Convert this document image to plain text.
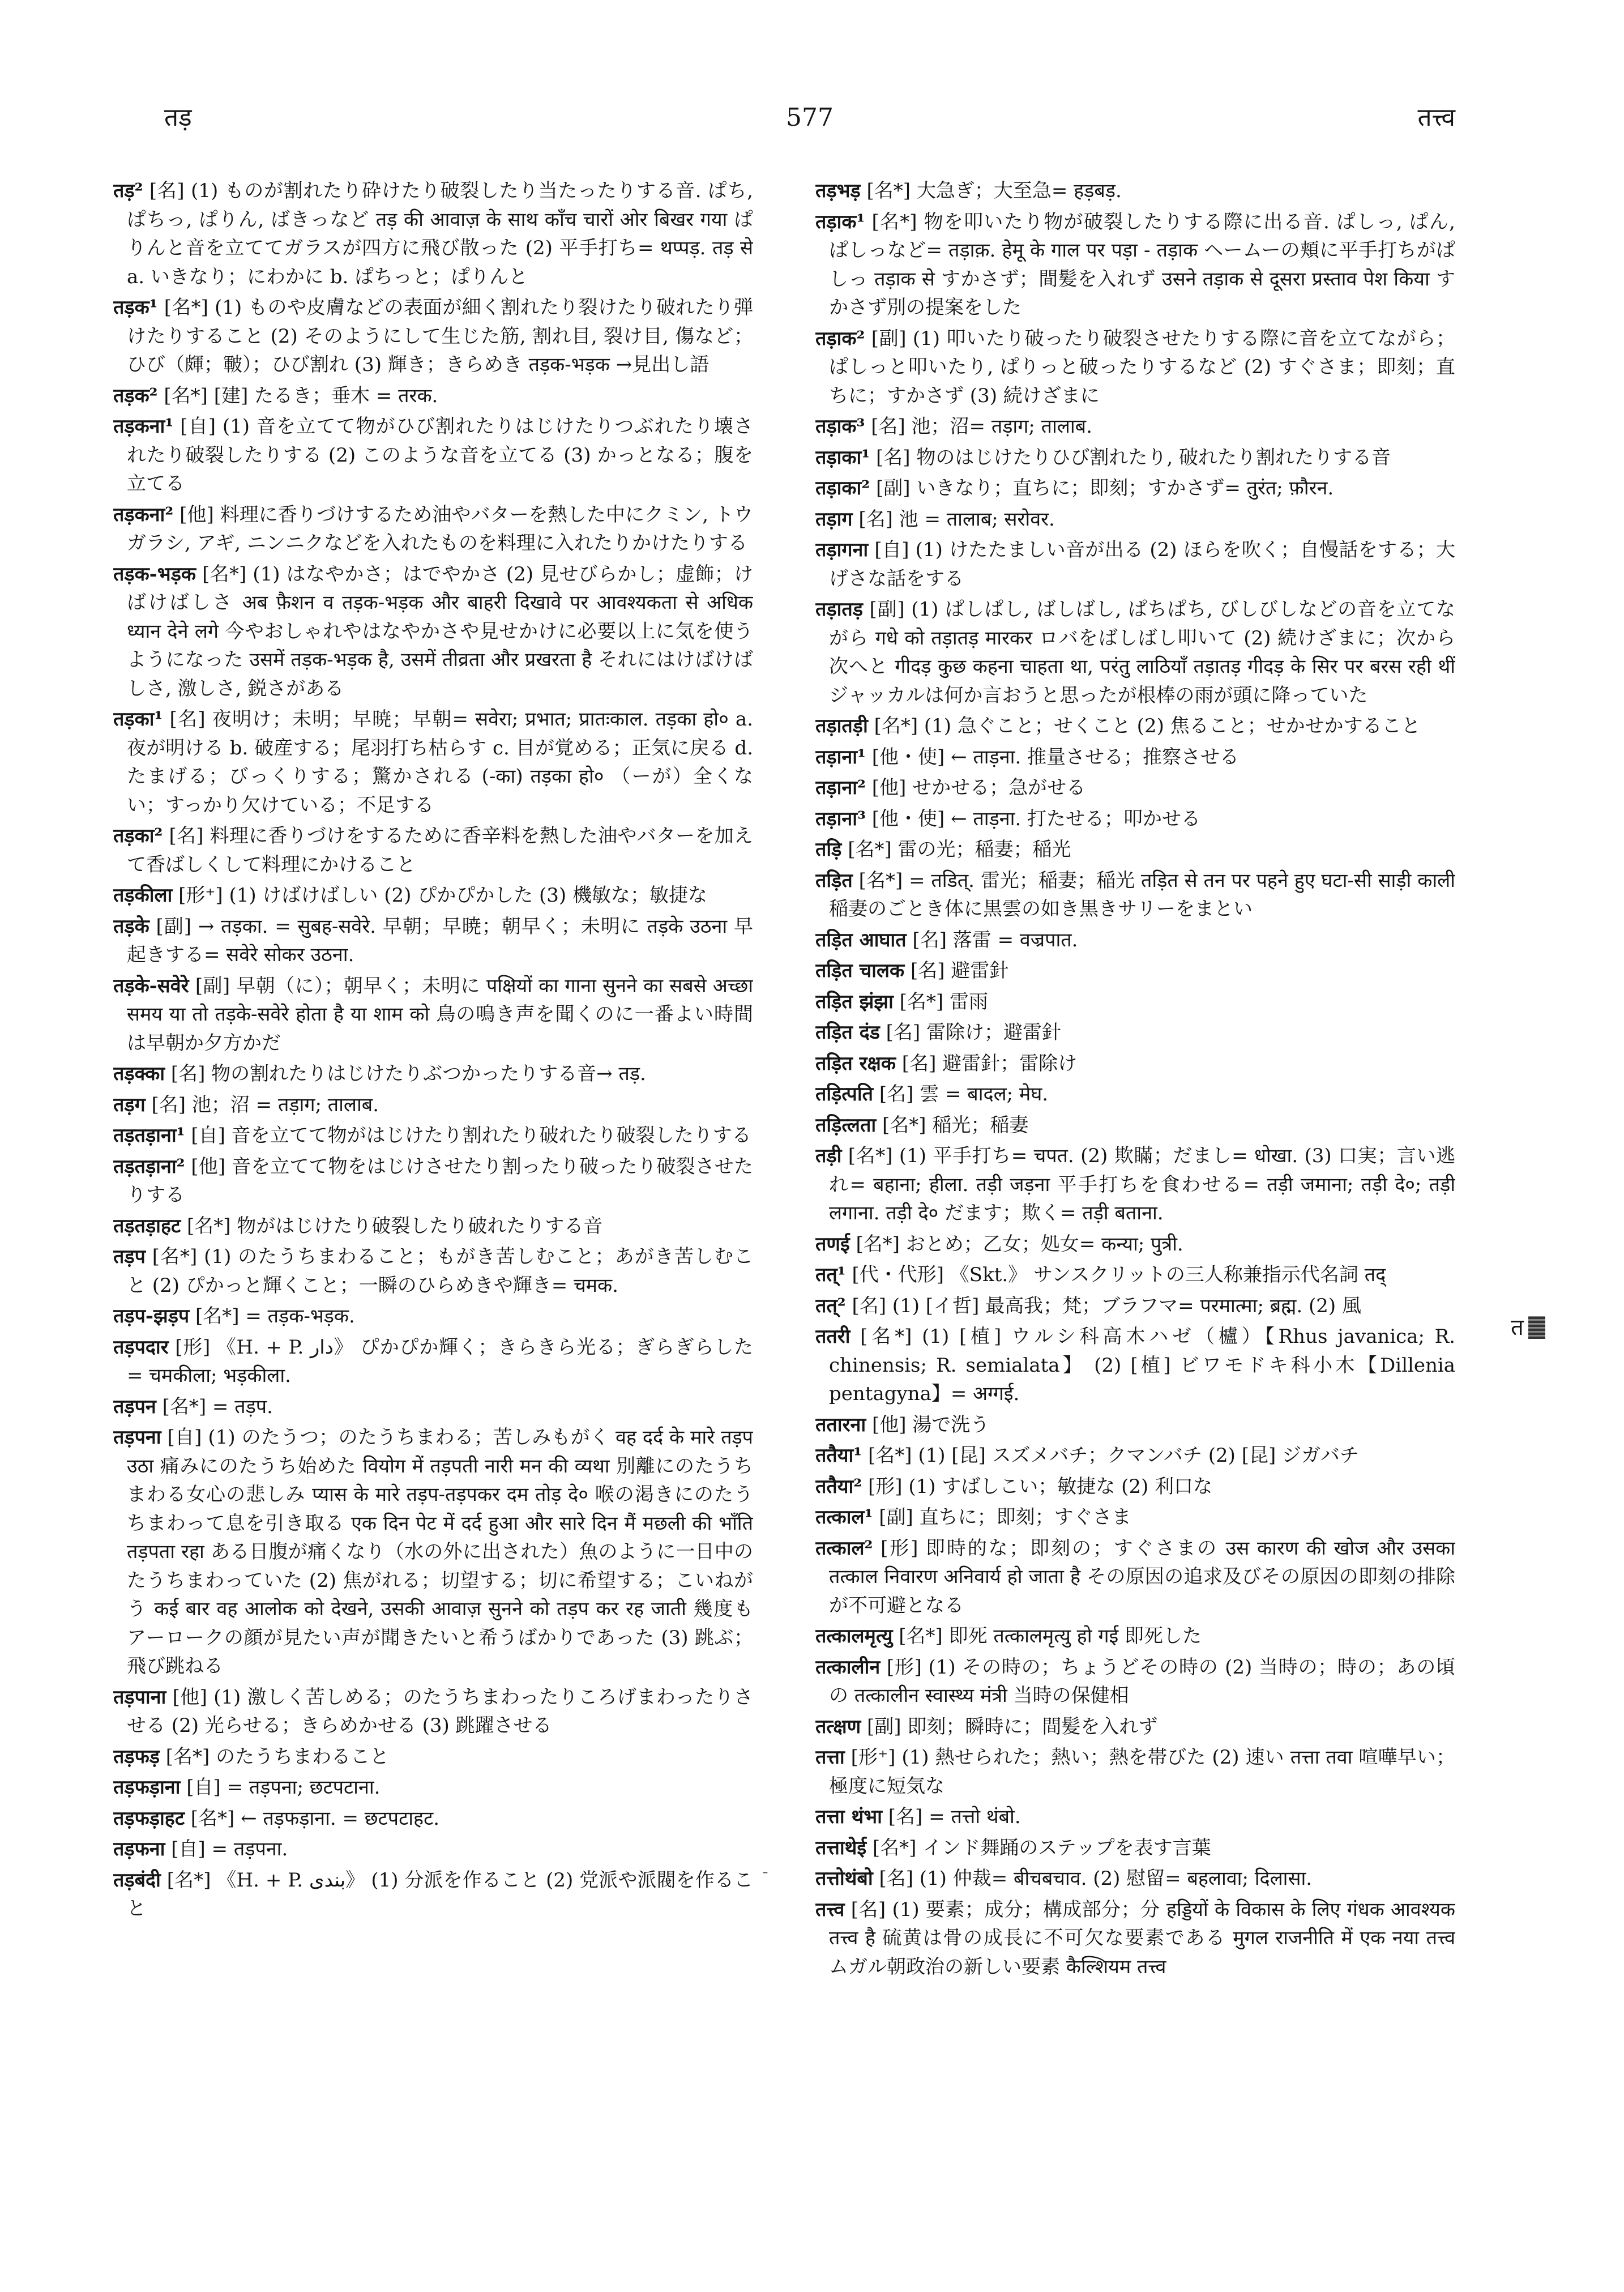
तड़	577	तत्त्व

तड़² [名] (1) ものが割れたり砕けたり破裂したり当たったりする音. ぱち, ぱちっ, ぱりん, ばきっなど तड़ की आवाज़ के साथ काँच चारों ओर बिखर गया ぱりんと音を立ててガラスが四方に飛び散った (2) 平手打ち= थप्पड़. तड़ से a. いきなり；にわかに b. ぱちっと；ぱりんと

तड़क¹ [名*] (1) ものや皮膚などの表面が細く割れたり裂けたり破れたり弾けたりすること (2) そのようにして生じた筋, 割れ目, 裂け目, 傷など；ひび（皹；皸）；ひび割れ (3) 輝き；きらめき तड़क-भड़क →見出し語

तड़क² [名*] [建] たるき；垂木 = तरक.

तड़कना¹ [自] (1) 音を立てて物がひび割れたりはじけたりつぶれたり壊されたり破裂したりする (2) このような音を立てる (3) かっとなる；腹を立てる

तड़कना² [他] 料理に香りづけするため油やバターを熱した中にクミン, トウガラシ, アギ, ニンニクなどを入れたものを料理に入れたりかけたりする

तड़क-भड़क [名*] (1) はなやかさ；はでやかさ (2) 見せびらかし；虚飾；けばけばしさ अब फ़ैशन व तड़क-भड़क और बाहरी दिखावे पर आवश्यकता से अधिक ध्यान देने लगे 今やおしゃれやはなやかさや見せかけに必要以上に気を使うようになった उसमें तड़क-भड़क है, उसमें तीव्रता और प्रखरता है それにはけばけばしさ, 激しさ, 鋭さがある

तड़का¹ [名] 夜明け；未明；早暁；早朝= सवेरा; प्रभात; प्रातःकाल. तड़का हो० a. 夜が明ける b. 破産する；尾羽打ち枯らす c. 目が覚める；正気に戻る d. たまげる；びっくりする；驚かされる (-का) तड़का हो० （ーが）全くない；すっかり欠けている；不足する

तड़का² [名] 料理に香りづけをするために香辛料を熱した油やバターを加えて香ばしくして料理にかけること

तड़कीला [形⁺] (1) けばけばしい (2) ぴかぴかした (3) 機敏な；敏捷な

तड़के [副] → तड़का. = सुबह-सवेरे. 早朝；早暁；朝早く；未明に तड़के उठना 早起きする= सवेरे सोकर उठना.

तड़के-सवेरे [副] 早朝（に）；朝早く；未明に पक्षियों का गाना सुनने का सबसे अच्छा समय या तो तड़के-सवेरे होता है या शाम को 鳥の鳴き声を聞くのに一番よい時間は早朝か夕方かだ

तड़क्का [名] 物の割れたりはじけたりぶつかったりする音→ तड़.

तड़ग [名] 池；沼 = तड़ाग; तालाब.

तड़तड़ाना¹ [自] 音を立てて物がはじけたり割れたり破れたり破裂したりする

तड़तड़ाना² [他] 音を立てて物をはじけさせたり割ったり破ったり破裂させたりする

तड़तड़ाहट [名*] 物がはじけたり破裂したり破れたりする音

तड़प [名*] (1) のたうちまわること；もがき苦しむこと；あがき苦しむこと (2) ぴかっと輝くこと；一瞬のひらめきや輝き= चमक.

तड़प-झड़प [名*] = तड़क-भड़क.

तड़पदार [形] 《H. + P. دار》 ぴかぴか輝く；きらきら光る；ぎらぎらした= चमकीला; भड़कीला.

तड़पन [名*] = तड़प.

तड़पना [自] (1) のたうつ；のたうちまわる；苦しみもがく वह दर्द के मारे तड़प उठा 痛みにのたうち始めた वियोग में तड़पती नारी मन की व्यथा 別離にのたうちまわる女心の悲しみ प्यास के मारे तड़प-तड़पकर दम तोड़ दे० 喉の渇きにのたうちまわって息を引き取る एक दिन पेट में दर्द हुआ और सारे दिन मैं मछली की भाँति तड़पता रहा ある日腹が痛くなり（水の外に出された）魚のように一日中のたうちまわっていた (2) 焦がれる；切望する；切に希望する；こいねがう कई बार वह आलोक को देखने, उसकी आवाज़ सुनने को तड़प कर रह जाती 幾度もアーロークの顔が見たい声が聞きたいと希うばかりであった (3) 跳ぶ；飛び跳ねる

तड़पाना [他] (1) 激しく苦しめる；のたうちまわったりころげまわったりさせる (2) 光らせる；きらめかせる (3) 跳躍させる

तड़फड़ [名*] のたうちまわること

तड़फड़ाना [自] = तड़पना; छटपटाना.

तड़फड़ाहट [名*] ← तड़फड़ाना. = छटपटाहट.

तड़फना [自] = तड़पना.

तड़बंदी [名*] 《H. + P. بندی》 (1) 分派を作ること (2) 党派や派閥を作ること

तड़भड़ [名*] 大急ぎ；大至急= हड़बड़.

तड़ाक¹ [名*] 物を叩いたり物が破裂したりする際に出る音. ぱしっ, ぱん, ぱしっなど= तड़ाक़. हेमू के गाल पर पड़ा - तड़ाक ヘームーの頬に平手打ちがぱしっ तड़ाक से すかさず；間髪を入れず उसने तड़ाक से दूसरा प्रस्ताव पेश किया すかさず別の提案をした

तड़ाक² [副] (1) 叩いたり破ったり破裂させたりする際に音を立てながら；ぱしっと叩いたり, ぱりっと破ったりするなど (2) すぐさま；即刻；直ちに；すかさず (3) 続けざまに

तड़ाक³ [名] 池；沼= तड़ाग; तालाब.

तड़ाका¹ [名] 物のはじけたりひび割れたり, 破れたり割れたりする音

तड़ाका² [副] いきなり；直ちに；即刻；すかさず= तुरंत; फ़ौरन.

तड़ाग [名] 池 = तालाब; सरोवर.

तड़ागना [自] (1) けたたましい音が出る (2) ほらを吹く；自慢話をする；大げさな話をする

तड़ातड़ [副] (1) ぱしぱし, ばしばし, ぱちぱち, びしびしなどの音を立てながら गधे को तड़ातड़ मारकर ロバをばしばし叩いて (2) 続けざまに；次から次へと गीदड़ कुछ कहना चाहता था, परंतु लाठियाँ तड़ातड़ गीदड़ के सिर पर बरस रही थीं ジャッカルは何か言おうと思ったが根棒の雨が頭に降っていた

तड़ातड़ी [名*] (1) 急ぐこと；せくこと (2) 焦ること；せかせかすること

तड़ाना¹ [他・使] ← ताड़ना. 推量させる；推察させる

तड़ाना² [他] せかせる；急がせる

तड़ाना³ [他・使] ← ताड़ना. 打たせる；叩かせる

तड़ि [名*] 雷の光；稲妻；稲光

तड़ित [名*] = तडित्. 雷光；稲妻；稲光 तड़ित से तन पर पहने हुए घटा-सी साड़ी काली 稲妻のごとき体に黒雲の如き黒きサリーをまとい

तड़ित आघात [名] 落雷 = वज्रपात.

तड़ित चालक [名] 避雷針

तड़ित झंझा [名*] 雷雨

तड़ित दंड [名] 雷除け；避雷針

तड़ित रक्षक [名] 避雷針；雷除け

तड़ित्पति [名] 雲 = बादल; मेघ.

तड़ित्लता [名*] 稲光；稲妻

तड़ी [名*] (1) 平手打ち= चपत. (2) 欺瞞；だまし= धोखा. (3) 口実；言い逃れ= बहाना; हीला. तड़ी जड़ना 平手打ちを食わせる= तड़ी जमाना; तड़ी दे०; तड़ी लगाना. तड़ी दे० だます；欺く= तड़ी बताना.

तणई [名*] おとめ；乙女；処女= कन्या; पुत्री.

तत्¹ [代・代形] 《Skt.》 サンスクリットの三人称兼指示代名詞 तद्

तत्² [名] (1) [イ哲] 最高我；梵；ブラフマ= परमात्मा; ब्रह्म. (2) 風

ततरी [名*] (1) [植] ウルシ科高木ハゼ（櫨）【Rhus javanica; R. chinensis; R. semialata】 (2) [植] ビワモドキ科小木【Dillenia pentagyna】= अग्गई.

ततारना [他] 湯で洗う

ततैया¹ [名*] (1) [昆] スズメバチ；クマンバチ (2) [昆] ジガバチ

ततैया² [形] (1) すばしこい；敏捷な (2) 利口な

तत्काल¹ [副] 直ちに；即刻；すぐさま

तत्काल² [形] 即時的な；即刻の；すぐさまの उस कारण की खोज और उसका तत्काल निवारण अनिवार्य हो जाता है その原因の追求及びその原因の即刻の排除が不可避となる

तत्कालमृत्यु [名*] 即死 तत्कालमृत्यु हो गई 即死した

तत्कालीन [形] (1) その時の；ちょうどその時の (2) 当時の；時の；あの頃の तत्कालीन स्वास्थ्य मंत्री 当時の保健相

तत्क्षण [副] 即刻；瞬時に；間髪を入れず

तत्ता [形⁺] (1) 熱せられた；熱い；熱を帯びた (2) 速い तत्ता तवा 喧嘩早い；極度に短気な

तत्ता थंभा [名] = तत्तो थंबो.

तत्ताथेई [名*] インド舞踊のステップを表す言葉

तत्तोथंबो [名] (1) 仲裁= बीचबचाव. (2) 慰留= बहलावा; दिलासा.

तत्त्व [名] (1) 要素；成分；構成部分；分 हड्डियों के विकास के लिए गंधक आवश्यक तत्त्व है 硫黄は骨の成長に不可欠な要素である मुगल राजनीति में एक नया तत्त्व ムガル朝政治の新しい要素 कैल्शियम तत्त्व

त
ˉ
